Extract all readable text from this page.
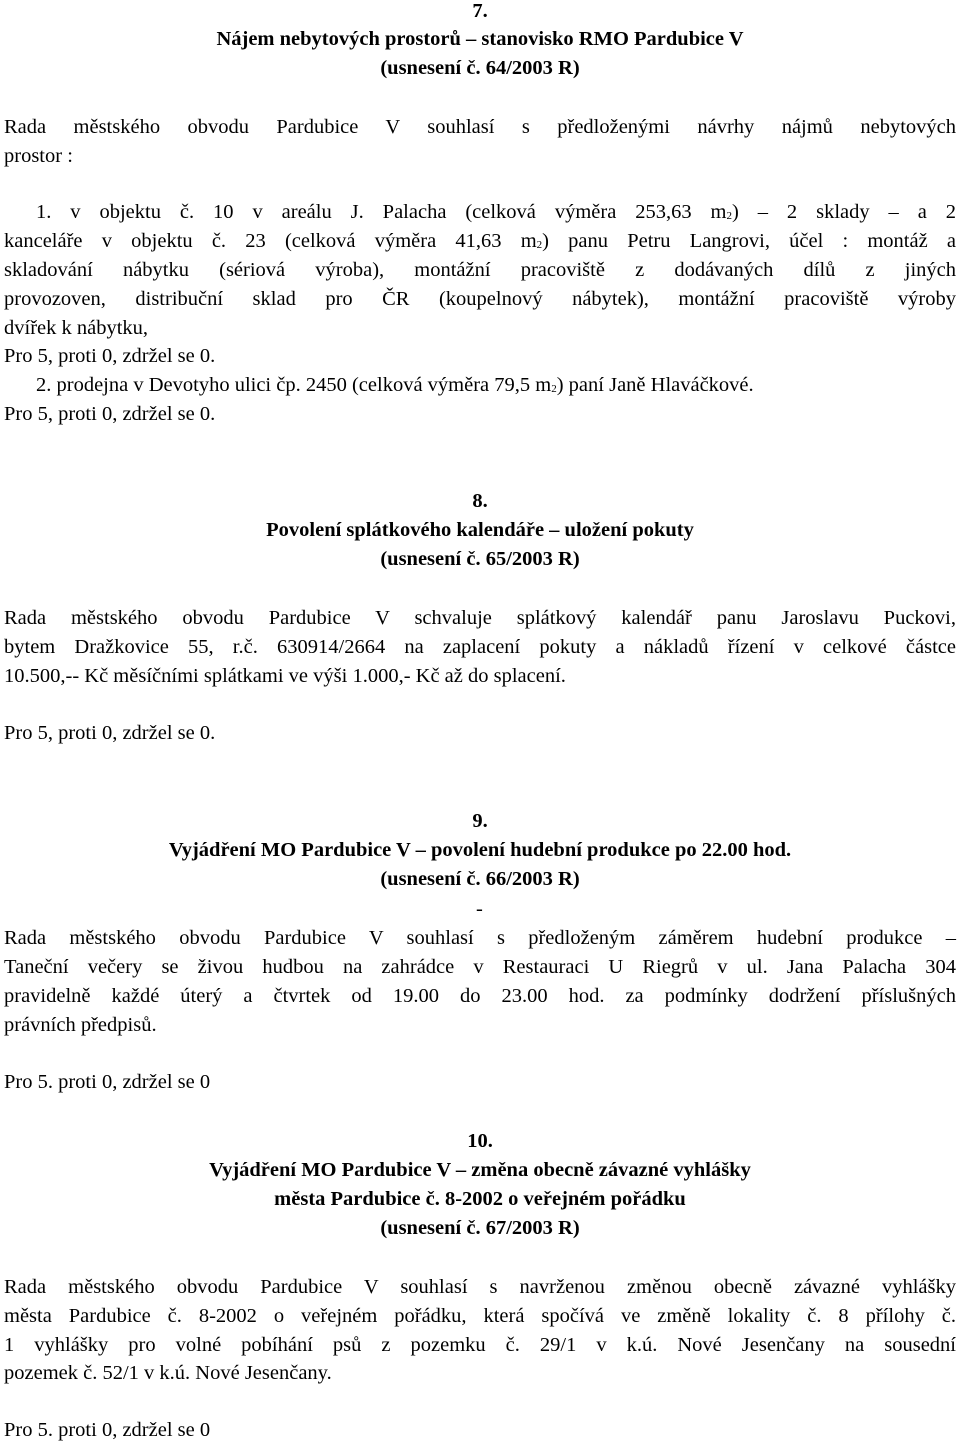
7.
Nájem nebytových prostorů – stanovisko RMO Pardubice V
(usnesení č. 64/2003 R)
Rada městského obvodu Pardubice V souhlasí s předloženými návrhy nájmů nebytových
prostor :
1. v objektu č. 10 v areálu J. Palacha (celková výměra 253,63 $m^2) - 2$ sklady – a 2
kanceláře v objektu č. 23 (celková výměra 41,63 $m^2$) panu Petru Langrovi, účel : montáž a
skladování nábytku (sériová výroba), montážní pracoviště z dodávaných dílů z jiných
provozoven, distribuční sklad pro ČR (koupelnový nábytek), montážní pracoviště výroby
dvířek k nábytku,
Pro 5, proti 0, zdržel se 0.
2. prodejna v Devotyho ulici čp. 2450 (celková výměra 79,5 $m^2$) paní Janě Hlaváčkové.
Pro 5, proti 0, zdržel se 0.
8.
Povolení splátkového kalendáře – uložení pokuty
(usnesení č. 65/2003 R)
Rada městského obvodu Pardubice V schvaluje splátkový kalendář panu Jaroslavu Puckovi,
bytem Dražkovice 55, r.č. 630914/2664 na zaplacení pokuty a nákladů řízení v celkové částce
10.500,-- Kč měsíčními splátkami ve výši 1.000,- Kč až do splacení.
Pro 5, proti 0, zdržel se 0.
9.
Vyjádření MO Pardubice V – povolení hudební produkce po 22.00 hod.
(usnesení č. 66/2003 R)
-
Rada městského obvodu Pardubice V souhlasí s předloženým záměrem hudební produkce –
Taneční večery se živou hudbou na zahrádce v Restauraci U Riegrů v ul. Jana Palacha 304
pravidelně každé úterý a čtvrtek od 19.00 do 23.00 hod. za podmínky dodržení příslušných
právních předpisů.
Pro 5. proti 0, zdržel se 0
10.
Vyjádření MO Pardubice V – změna obecně závazné vyhlášky
města Pardubice č. 8-2002 o veřejném pořádku
(usnesení č. 67/2003 R)
Rada městského obvodu Pardubice V souhlasí s navrženou změnou obecně závazné vyhlášky
města Pardubice č. 8-2002 o veřejném pořádku, která spočívá ve změně lokality č. 8 přílohy č.
1 vyhlášky pro volné pobíhání psů z pozemku č. 29/1 v k.ú. Nové Jesenčany na sousední
pozemek č. 52/1 v k.ú. Nové Jesenčany.
Pro 5. proti 0, zdržel se 0
